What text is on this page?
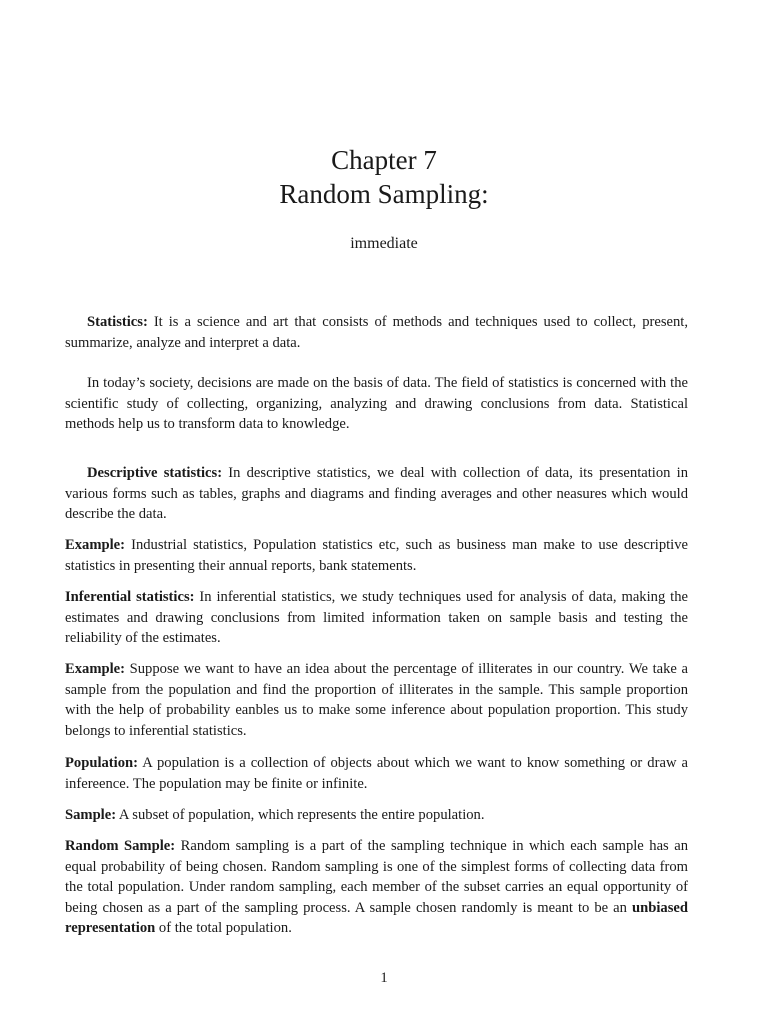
Chapter 7
Random Sampling:
immediate

Statistics: It is a science and art that consists of methods and techniques used to collect, present, summarize, analyze and interpret a data.

In today’s society, decisions are made on the basis of data. The field of statistics is concerned with the scientific study of collecting, organizing, analyzing and drawing conclusions from data. Statistical methods help us to transform data to knowledge.

Descriptive statistics: In descriptive statistics, we deal with collection of data, its presentation in various forms such as tables, graphs and diagrams and finding averages and other neasures which would describe the data.

Example: Industrial statistics, Population statistics etc, such as business man make to use descriptive statistics in presenting their annual reports, bank statements.

Inferential statistics: In inferential statistics, we study techniques used for analysis of data, making the estimates and drawing conclusions from limited information taken on sample basis and testing the reliability of the estimates.

Example: Suppose we want to have an idea about the percentage of illiterates in our country. We take a sample from the population and find the proportion of illiterates in the sample. This sample proportion with the help of probability eanbles us to make some inference about population proportion. This study belongs to inferential statistics.

Population: A population is a collection of objects about which we want to know something or draw a infereence. The population may be finite or infinite.

Sample: A subset of population, which represents the entire population.

Random Sample: Random sampling is a part of the sampling technique in which each sample has an equal probability of being chosen. Random sampling is one of the simplest forms of collecting data from the total population. Under random sampling, each member of the subset carries an equal opportunity of being chosen as a part of the sampling process. A sample chosen randomly is meant to be an unbiased representation of the total population.

1
